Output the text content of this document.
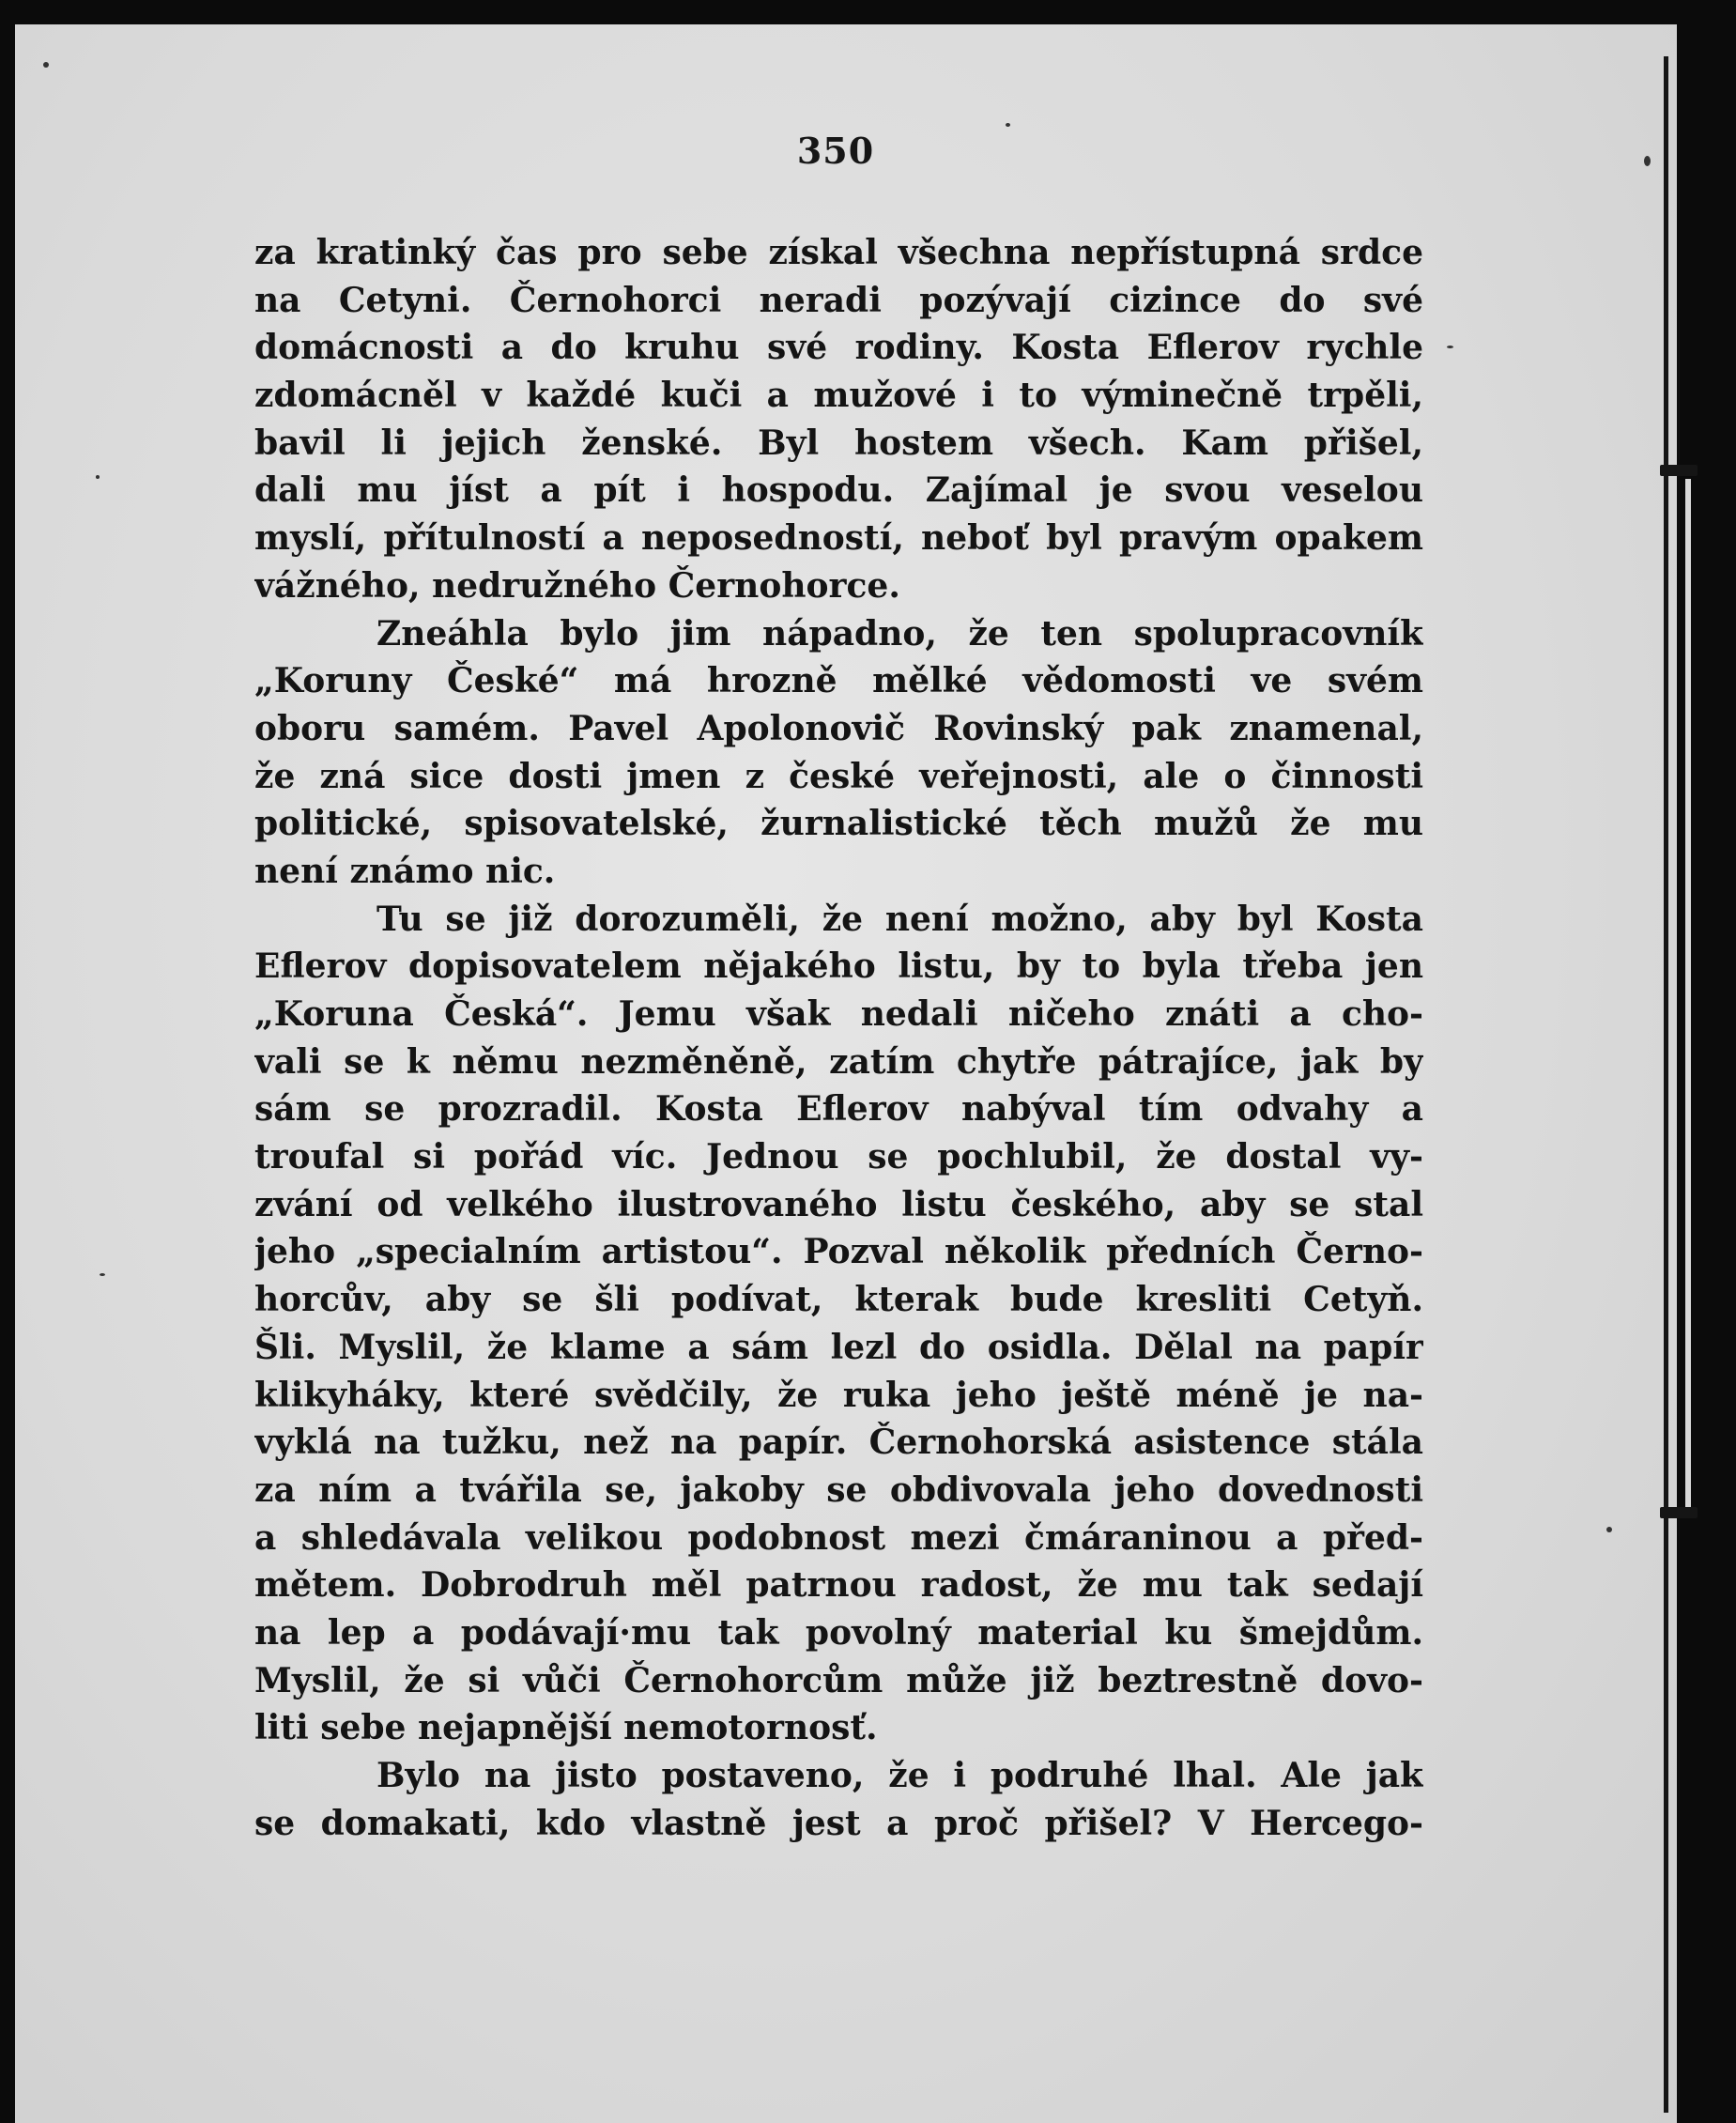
350
za kratinký čas pro sebe získal všechna nepřístupná srdce
na Cetyni. Černohorci neradi pozývají cizince do své
domácnosti a do kruhu své rodiny. Kosta Eflerov rychle
zdomácněl v každé kuči a mužové i to výminečně trpěli,
bavil li jejich ženské. Byl hostem všech. Kam přišel,
dali mu jíst a pít i hospodu. Zajímal je svou veselou
myslí, přítulností a neposedností, neboť byl pravým opakem
vážného, nedružného Černohorce.
Zneáhla bylo jim nápadno, že ten spolupracovník
„Koruny České“ má hrozně mělké vědomosti ve svém
oboru samém. Pavel Apolonovič Rovinský pak znamenal,
že zná sice dosti jmen z české veřejnosti, ale o činnosti
politické, spisovatelské, žurnalistické těch mužů že mu
není známo nic.
Tu se již dorozuměli, že není možno, aby byl Kosta
Eflerov dopisovatelem nějakého listu, by to byla třeba jen
„Koruna Česká“. Jemu však nedali ničeho znáti a cho-
vali se k němu nezměněně, zatím chytře pátrajíce, jak by
sám se prozradil. Kosta Eflerov nabýval tím odvahy a
troufal si pořád víc. Jednou se pochlubil, že dostal vy-
zvání od velkého ilustrovaného listu českého, aby se stal
jeho „specialním artistou“. Pozval několik předních Černo-
horcův, aby se šli podívat, kterak bude kresliti Cetyň.
Šli. Myslil, že klame a sám lezl do osidla. Dělal na papír
klikyháky, které svědčily, že ruka jeho ještě méně je na-
vyklá na tužku, než na papír. Černohorská asistence stála
za ním a tvářila se, jakoby se obdivovala jeho dovednosti
a shledávala velikou podobnost mezi čmáraninou a před-
mětem. Dobrodruh měl patrnou radost, že mu tak sedají
na lep a podávají·mu tak povolný material ku šmejdům.
Myslil, že si vůči Černohorcům může již beztrestně dovo-
liti sebe nejapnější nemotornosť.
Bylo na jisto postaveno, že i podruhé lhal. Ale jak
se domakati, kdo vlastně jest a proč přišel? V Hercego-
